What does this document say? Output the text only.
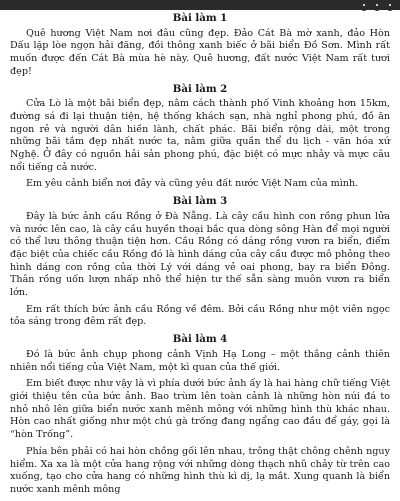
Bài làm 1

Quê hương Việt Nam nơi đâu cũng đẹp. Đảo Cát Bà mờ xanh, đảo Hòn Dấu lặp lòe ngọn hải đăng, đồi thông xanh biếc ở bãi biển Đồ Sơn. Mình rất muốn được đến Cát Bà mùa hè này. Quê hương, đất nước Việt Nam rất tươi đẹp!

Bài làm 2

Cửa Lò là một bãi biển đẹp, nằm cách thành phố Vinh khoảng hơn 15km, đường sá đi lại thuận tiện, hệ thống khách sạn, nhà nghỉ phong phú, đồ ăn ngon rẻ và người dân hiền lành, chất phác. Bãi biển rộng dài, một trong những bãi tắm đẹp nhất nước ta, nằm giữa quần thể du lịch - văn hóa xứ Nghệ. Ở đây có nguồn hải sản phong phú, đặc biệt có mực nhảy và mực câu nổi tiếng cả nước.

Em yêu cảnh biển nơi đây và cũng yêu đất nước Việt Nam của mình.

Bài làm 3

Đây là bức ảnh cầu Rồng ở Đà Nẵng. Là cây cầu hình con rồng phun lửa và nước lên cao, là cây cầu huyền thoại bắc qua dòng sông Hàn để mọi người có thể lưu thông thuận tiện hơn. Cầu Rồng có dáng rồng vươn ra biển, điểm đặc biệt của chiếc cầu Rồng đó là hình dáng của cây cầu được mô phỏng theo hình dáng con rồng của thời Lý với dáng vẻ oai phong, bay ra biển Đông. Thân rồng uốn lượn nhấp nhô thể hiện tư thế sẵn sàng muôn vươn ra biển lớn.

Em rất thích bức ảnh cầu Rồng về đêm. Bởi cầu Rồng như một viên ngọc tỏa sáng trong đêm rất đẹp.

Bài làm 4

Đó là bức ảnh chụp phong cảnh Vịnh Hạ Long – một thắng cảnh thiên nhiên nổi tiếng của Việt Nam, một kì quan của thế giới.

Em biết được như vậy là vì phía dưới bức ảnh ấy là hai hàng chữ tiếng Việt giới thiệu tên của bức ảnh. Bao trùm lên toàn cảnh là những hòn núi đá to nhỏ nhô lên giữa biển nước xanh mênh mông với những hình thù khác nhau. Hòn cao nhất giống như một chú gà trống đang ngẩng cao đầu để gáy, gọi là “hòn Trống”.

Phía bên phải có hai hòn chồng gối lên nhau, trông thật chông chênh nguy hiểm. Xa xa là một cửa hang rộng với những dòng thạch nhũ chảy từ trên cao xuống, tạo cho cửa hang có những hình thù kì dị, lạ mắt. Xung quanh là biển nước xanh mênh mông
